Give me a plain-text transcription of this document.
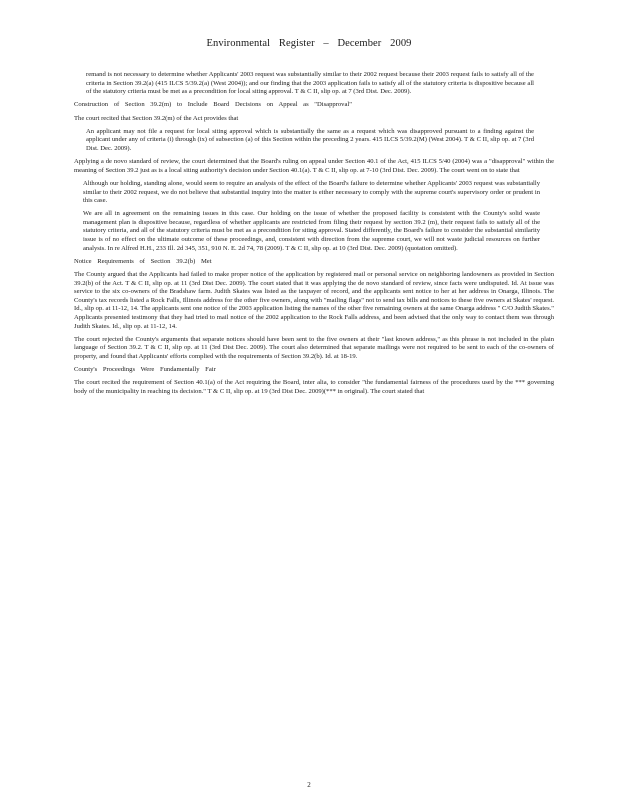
Environmental Register – December 2009

remand is not necessary to determine whether Applicants' 2003 request was substantially similar to their 2002 request because their 2003 request fails to satisfy all of the criteria in Section 39.2(a) (415 ILCS 5/39.2(a) (West 2004)); and our finding that the 2003 application fails to satisfy all of the statutory criteria is dispositive because all of the statutory criteria must be met as a precondition for local siting approval. T & C II, slip op. at 7 (3rd Dist. Dec. 2009).

Construction of Section 39.2(m) to Include Board Decisions on Appeal as "Disapproval"

The court recited that Section 39.2(m) of the Act provides that

An applicant may not file a request for local siting approval which is substantially the same as a request which was disapproved pursuant to a finding against the applicant under any of criteria (i) through (ix) of subsection (a) of this Section within the preceding 2 years. 415 ILCS 5/39.2(M) (West 2004). T & C II, slip op. at 7 (3rd Dist. Dec. 2009).

Applying a de novo standard of review, the court determined that the Board's ruling on appeal under Section 40.1 of the Act, 415 ILCS 5/40 (2004) was a "disapproval" within the meaning of Section 39.2 just as is a local siting authority's decision under Section 40.1(a). T & C II, slip op. at 7-10 (3rd Dist. Dec. 2009). The court went on to state that

Although our holding, standing alone, would seem to require an analysis of the effect of the Board's failure to determine whether Applicants' 2003 request was substantially similar to their 2002 request, we do not believe that substantial inquiry into the matter is either necessary to comply with the supreme court's supervisory order or prudent in this case.

We are all in agreement on the remaining issues in this case. Our holding on the issue of whether the proposed facility is consistent with the County's solid waste management plan is dispositive because, regardless of whether applicants are restricted from filing their request by section 39.2 (m), their request fails to satisfy all of the statutory criteria, and all of the statutory criteria must be met as a precondition for siting approval. Stated differently, the Board's failure to consider the substantial similarity issue is of no effect on the ultimate outcome of these proceedings, and, consistent with direction from the supreme court, we will not waste judicial resources on further analysis. In re Alfred H.H., 233 Ill. 2d 345, 351, 910 N. E. 2d 74, 78 (2009). T & C II, slip op. at 10 (3rd Dist. Dec. 2009) (quotation omitted).

Notice Requirements of Section 39.2(b) Met

The County argued that the Applicants had failed to make proper notice of the application by registered mail or personal service on neighboring landowners as provided in Section 39.2(b) of the Act. T & C II, slip op. at 11 (3rd Dist Dec. 2009). The court stated that it was applying the de novo standard of review, since facts were undisputed. Id. At issue was service to the six co-owners of the Bradshaw farm. Judith Skates was listed as the taxpayer of record, and the applicants sent notice to her at her address in Onarga, Illinois. The County's tax records listed a Rock Falls, Illinois address for the other five owners, along with "mailing flags" not to send tax bills and notices to these five owners at Skates' request. Id., slip op. at 11-12, 14. The applicants sent one notice of the 2003 application listing the names of the other five remaining owners at the same Onarga address " C/O Judith Skates." Applicants presented testimony that they had tried to mail notice of the 2002 application to the Rock Falls address, and been advised that the only way to contact them was through Judith Skates. Id., slip op. at 11-12, 14.

The court rejected the County's arguments that separate notices should have been sent to the five owners at their "last known address," as this phrase is not included in the plain language of Section 39.2. T & C II, slip op. at 11 (3rd Dist Dec. 2009). The court also determined that separate mailings were not required to be sent to each of the co-owners of property, and found that Applicants' efforts complied with the requirements of Section 39.2(b). Id. at 18-19.

County's Proceedings Were Fundamentally Fair

The court recited the requirement of Section 40.1(a) of the Act requiring the Board, inter alia, to consider "the fundamental fairness of the procedures used by the *** governing body of the municipality in reaching its decision." T & C II, slip op. at 19 (3rd Dist Dec. 2009)(*** in original). The court stated that

2
